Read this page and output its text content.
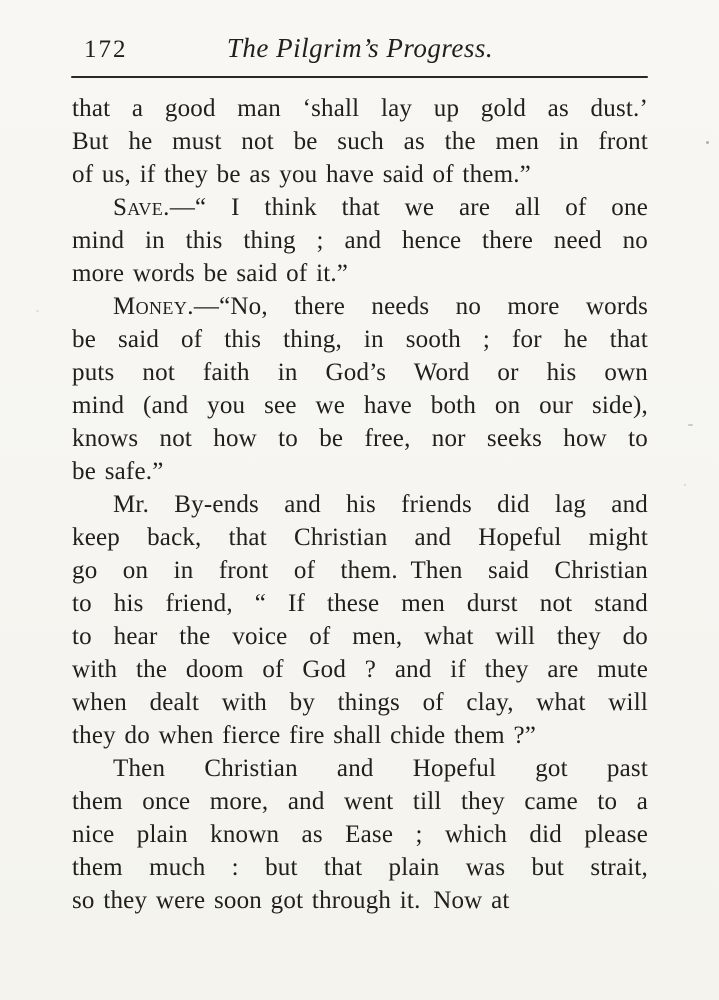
172	The Pilgrim’s Progress.

that a good man ‘shall lay up gold as dust.’
But he must not be such as the men in front
of us, if they be as you have said of them.”

Save.—“ I think that we are all of one
mind in this thing ; and hence there need no
more words be said of it.”

Money.—“No, there needs no more words
be said of this thing, in sooth ; for he that
puts not faith in God’s Word or his own
mind (and you see we have both on our side),
knows not how to be free, nor seeks how to
be safe.”

Mr. By-ends and his friends did lag and
keep back, that Christian and Hopeful might
go on in front of them. Then said Christian
to his friend, “ If these men durst not stand
to hear the voice of men, what will they do
with the doom of God ? and if they are mute
when dealt with by things of clay, what will
they do when fierce fire shall chide them ?”

Then Christian and Hopeful got past
them once more, and went till they came to a
nice plain known as Ease ; which did please
them much : but that plain was but strait,
so they were soon got through it. Now at
